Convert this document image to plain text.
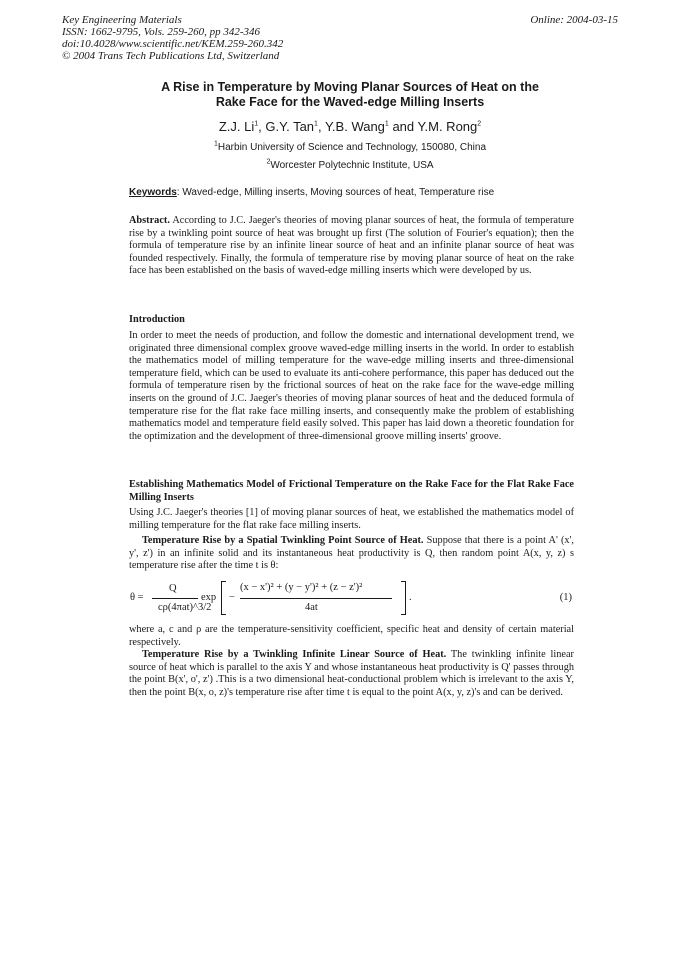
Key Engineering Materials
ISSN: 1662-9795, Vols. 259-260, pp 342-346
doi:10.4028/www.scientific.net/KEM.259-260.342
© 2004 Trans Tech Publications Ltd, Switzerland
Online: 2004-03-15
A Rise in Temperature by Moving Planar Sources of Heat on the
Rake Face for the Waved-edge Milling Inserts
Z.J. Li$^1$, G.Y. Tan$^1$, Y.B. Wang$^1$ and Y.M. Rong$^2$
$^1$Harbin University of Science and Technology, 150080, China
$^2$Worcester Polytechnic Institute, USA
Keywords: Waved-edge, Milling inserts, Moving sources of heat, Temperature rise
Abstract. According to J.C. Jaeger's theories of moving planar sources of heat, the formula of temperature rise by a twinkling point source of heat was brought up first (The solution of Fourier's equation); then the formula of temperature rise by an infinite linear source of heat and an infinite planar source of heat was founded respectively. Finally, the formula of temperature rise by moving planar source of heat on the rake face has been established on the basis of waved-edge milling inserts which were developed by us.
Introduction
In order to meet the needs of production, and follow the domestic and international development trend, we originated three dimensional complex groove waved-edge milling inserts in the world. In order to establish the mathematics model of milling temperature for the wave-edge milling inserts and three-dimensional temperature field, which can be used to evaluate its anti-cohere performance, this paper has deduced out the formula of temperature risen by the frictional sources of heat on the rake face for the wave-edge milling inserts on the ground of J.C. Jaeger's theories of moving planar sources of heat and the deduced formula of temperature rise for the flat rake face milling inserts, and consequently make the problem of establishing mathematics model and temperature field easily solved. This paper has laid down a theoretic foundation for the optimization and the development of three-dimensional groove milling inserts' groove.
Establishing Mathematics Model of Frictional Temperature on the Rake Face for the Flat Rake Face Milling Inserts
Using J.C. Jaeger's theories [1] of moving planar sources of heat, we established the mathematics model of milling temperature for the flat rake face milling inserts.
Temperature Rise by a Spatial Twinkling Point Source of Heat. Suppose that there is a point A' (x', y', z') in an infinite solid and its instantaneous heat productivity is Q, then random point A(x, y, z) s temperature rise after the time t is θ:
θ =
Q
cρ(4πat)^3/2
exp −
(x − x')² + (y − y')² + (z − z')²
4at
.	(1)
where a, c and ρ are the temperature-sensitivity coefficient, specific heat and density of certain material respectively.
Temperature Rise by a Twinkling Infinite Linear Source of Heat. The twinkling infinite linear source of heat which is parallel to the axis Y and whose instantaneous heat productivity is Q' passes through the point B(x', o', z') .This is a two dimensional heat-conductional problem which is irrelevant to the axis Y, then the point B(x, o, z)'s temperature rise after time t is equal to the point A(x, y, z)'s and can be derived.
